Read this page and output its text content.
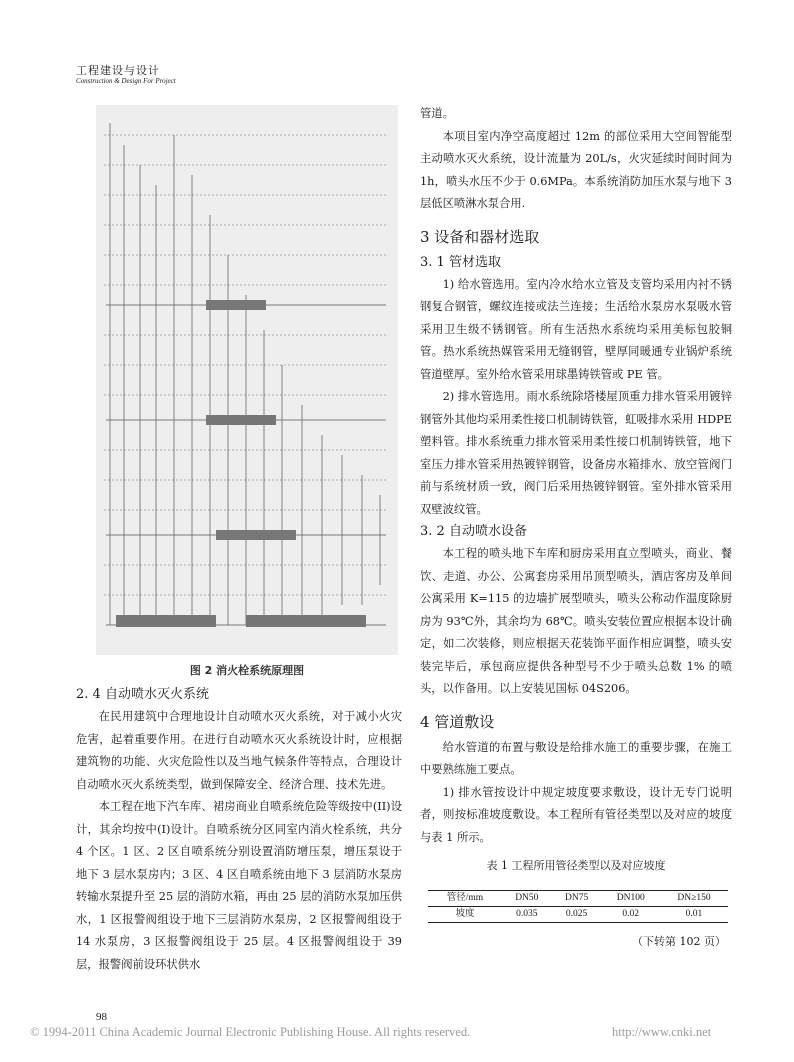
工程建设与设计
Construction & Design For Project
图 2 消火栓系统原理图
2. 4 自动喷水灭火系统

在民用建筑中合理地设计自动喷水灭火系统，对于减小火灾危害，起着重要作用。在进行自动喷水灭火系统设计时，应根据建筑物的功能、火灾危险性以及当地气候条件等特点，合理设计自动喷水灭火系统类型，做到保障安全、经济合理、技术先进。

本工程在地下汽车库、裙房商业自喷系统危险等级按中(II)设计，其余均按中(I)设计。自喷系统分区同室内消火栓系统，共分 4 个区。1 区、2 区自喷系统分别设置消防增压泵，增压泵设于地下 3 层水泵房内；3 区、4 区自喷系统由地下 3 层消防水泵房转输水泵提升至 25 层的消防水箱，再由 25 层的消防水泵加压供水，1 区报警阀组设于地下三层消防水泵房，2 区报警阀组设于 14 水泵房，3 区报警阀组设于 25 层。4 区报警阀组设于 39 层，报警阀前设环状供水

管道。

本项目室内净空高度超过 12m 的部位采用大空间智能型主动喷水灭火系统，设计流量为 20L/s，火灾延续时间时间为 1h，喷头水压不少于 0.6MPa。本系统消防加压水泵与地下 3 层低区喷淋水泵合用.

3 设备和器材选取
3. 1 管材选取

1) 给水管选用。室内冷水给水立管及支管均采用内衬不锈钢复合钢管，螺纹连接或法兰连接；生活给水泵房水泵吸水管采用卫生级不锈钢管。所有生活热水系统均采用美标包胶铜管。热水系统热媒管采用无缝钢管，壁厚同暖通专业锅炉系统管道壁厚。室外给水管采用球墨铸铁管或 PE 管。

2) 排水管选用。雨水系统除塔楼屋顶重力排水管采用镀锌钢管外其他均采用柔性接口机制铸铁管，虹吸排水采用 HDPE 塑料管。排水系统重力排水管采用柔性接口机制铸铁管，地下室压力排水管采用热镀锌钢管，设备房水箱排水、放空管阀门前与系统材质一致，阀门后采用热镀锌钢管。室外排水管采用双壁波纹管。

3. 2 自动喷水设备

本工程的喷头地下车库和厨房采用直立型喷头，商业、餐饮、走道、办公、公寓套房采用吊顶型喷头，酒店客房及单间公寓采用 K=115 的边墙扩展型喷头，喷头公称动作温度除厨房为 93℃外，其余均为 68℃。喷头安装位置应根据本设计确定，如二次装修，则应根据天花装饰平面作相应调整，喷头安装完毕后，承包商应提供各种型号不少于喷头总数 1% 的喷头，以作备用。以上安装见国标 04S206。

4 管道敷设

给水管道的布置与敷设是给排水施工的重要步骤，在施工中要熟练施工要点。

1) 排水管按设计中规定坡度要求敷设，设计无专门说明者，则按标准坡度敷设。本工程所有管径类型以及对应的坡度与表 1 所示。

表 1 工程所用管径类型以及对应坡度
管径/mm	DN50	DN75	DN100	DN≥150
坡度	0.035	0.025	0.02	0.01
（下转第 102 页）
98
© 1994-2011 China Academic Journal Electronic Publishing House. All rights reserved.	http://www.cnki.net
